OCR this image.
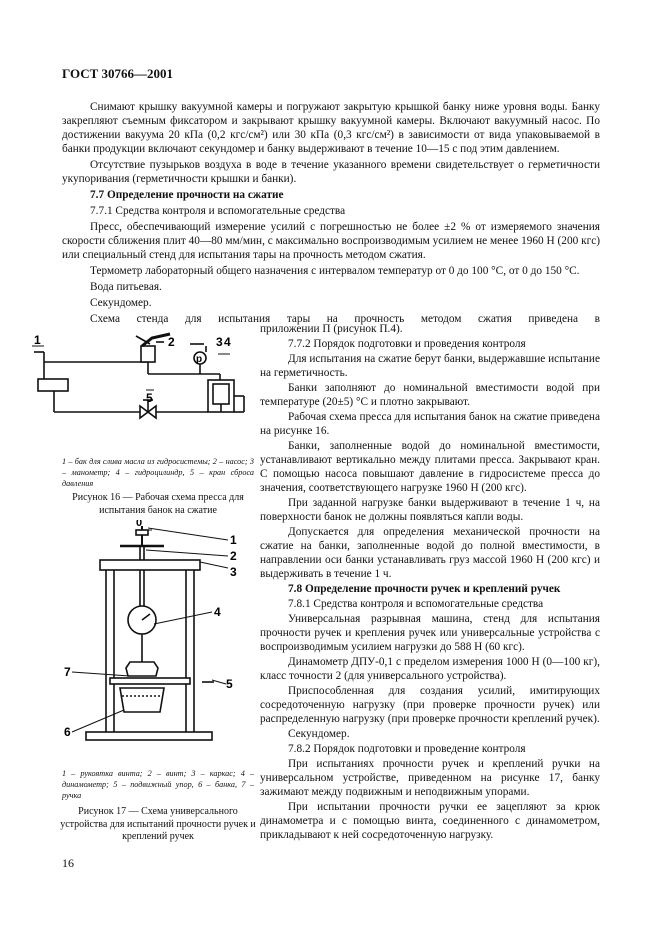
ГОСТ 30766—2001

Снимают крышку вакуумной камеры и погружают закрытую крышкой банку ниже уровня воды. Банку закрепляют съемным фиксатором и закрывают крышку вакуумной камеры. Включают вакуумный насос. По достижении вакуума 20 кПа (0,2 кгс/см²) или 30 кПа (0,3 кгс/см²) в зависимости от вида упаковываемой в банки продукции включают секундомер и банку выдерживают в течение 10—15 с под этим давлением.

Отсутствие пузырьков воздуха в воде в течение указанного времени свидетельствует о герметичности укупоривания (герметичности крышки и банки).

7.7 Определение прочности на сжатие

7.7.1 Средства контроля и вспомогательные средства

Пресс, обеспечивающий измерение усилий с погрешностью не более ±2 % от измеряемого значения скорости сближения плит 40—80 мм/мин, с максимально воспроизводимым усилием не менее 1960 Н (200 кгс) или специальный стенд для испытания тары на прочность методом сжатия.

Термометр лабораторный общего назначения с интервалом температур от 0 до 100 °С, от 0 до 150 °С.

Вода питьевая.

Секундомер.

Схема стенда для испытания тары на прочность методом сжатия приведена в

1	2
p
3 4
5
1 – бак для слива масла из гидросистемы; 2 – насос; 3 – манометр; 4 – гидроцилиндр, 5 – кран сброса давления
Рисунок 16 — Рабочая схема пресса для испытания банок на сжатие
0
1
2
3
4
5
6
7
1 – рукоятка винта; 2 – винт; 3 – каркас; 4 – динамометр; 5 – подвижный упор, 6 – банка, 7 – ручка
Рисунок 17 — Схема универсального устройства для испытаний прочности ручек и креплений ручек

приложении П (рисунок П.4).

7.7.2 Порядок подготовки и проведения контроля

Для испытания на сжатие берут банки, выдержавшие испытание на герметичность.

Банки заполняют до номинальной вместимости водой при температуре (20±5) °С и плотно закрывают.

Рабочая схема пресса для испытания банок на сжатие приведена на рисунке 16.

Банки, заполненные водой до номинальной вместимости, устанавливают вертикально между плитами пресса. Закрывают кран. С помощью насоса повышают давление в гидросистеме пресса до значения, соответствующего нагрузке 1960 Н (200 кгс).

При заданной нагрузке банки выдерживают в течение 1 ч, на поверхности банок не должны появляться капли воды.

Допускается для определения механической прочности на сжатие на банки, заполненные водой до полной вместимости, в направлении оси банки устанавливать груз массой 1960 Н (200 кгс) и выдерживать в течение 1 ч.

7.8 Определение прочности ручек и креплений ручек

7.8.1 Средства контроля и вспомогательные средства

Универсальная разрывная машина, стенд для испытания прочности ручек и крепления ручек или универсальные устройства с воспроизводимым усилием нагрузки до 588 Н (60 кгс).

Динамометр ДПУ-0,1 с пределом измерения 1000 Н (0—100 кг), класс точности 2 (для универсального устройства).

Приспособленная для создания усилий, имитирующих сосредоточенную нагрузку (при проверке прочности ручек) или распределенную нагрузку (при проверке прочности креплений ручек).

Секундомер.

7.8.2 Порядок подготовки и проведение контроля

При испытаниях прочности ручек и креплений ручки на универсальном устройстве, приведенном на рисунке 17, банку зажимают между подвижным и неподвижным упорами.

При испытании прочности ручки ее зацепляют за крюк динамометра и с помощью винта, соединенного с динамометром, прикладывают к ней сосредоточенную нагрузку.

16
